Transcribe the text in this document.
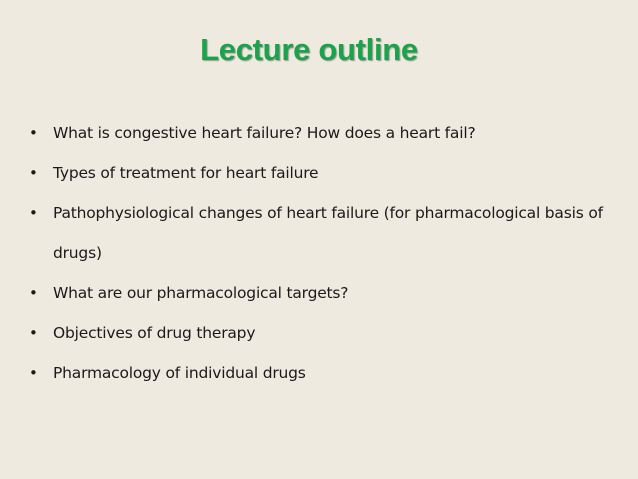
Lecture outline
• What is congestive heart failure? How does a heart fail?
• Types of treatment for heart failure
• Pathophysiological changes of heart failure (for pharmacological basis of drugs)
• What are our pharmacological targets?
• Objectives of drug therapy
• Pharmacology of individual drugs
